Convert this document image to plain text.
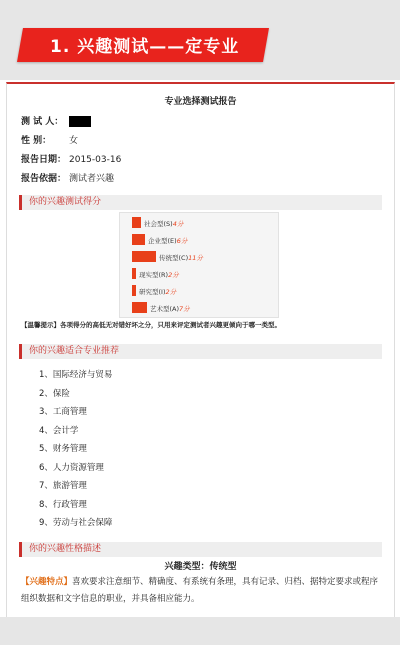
1. 兴趣测试——定专业
专业选择测试报告
测 试 人：
性 别： 女
报告日期： 2015-03-16
报告依据： 测试者兴趣
你的兴趣测试得分
社会型(S)4分
企业型(E)6分
传统型(C)11分
现实型(R)2分
研究型(I)2分
艺术型(A)7分
【温馨提示】各项得分的高低无对错好坏之分，只用来评定测试者兴趣更倾向于哪一类型。
你的兴趣适合专业推荐
1、国际经济与贸易
2、保险
3、工商管理
4、会计学
5、财务管理
6、人力资源管理
7、旅游管理
8、行政管理
9、劳动与社会保障
你的兴趣性格描述
兴趣类型：传统型
【兴趣特点】喜欢要求注意细节、精确度、有系统有条理，具有记录、归档、据特定要求或程序组织数据和文字信息的职业，并具备相应能力。
